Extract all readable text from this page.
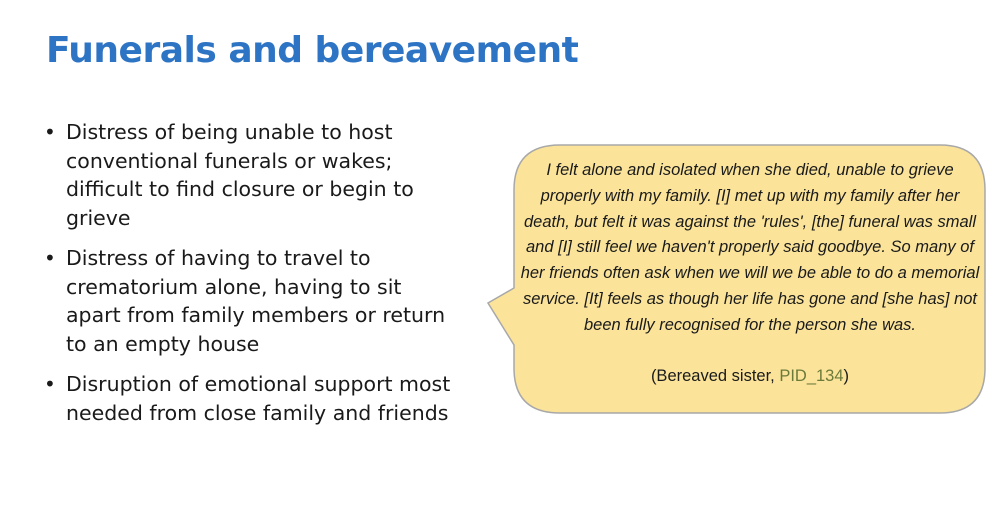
Funerals and bereavement
• Distress of being unable to host conventional funerals or wakes; difficult to find closure or begin to grieve
• Distress of having to travel to crematorium alone, having to sit apart from family members or return to an empty house
• Disruption of emotional support most needed from close family and friends

I felt alone and isolated when she died, unable to grieve properly with my family. [I] met up with my family after her death, but felt it was against the 'rules', [the] funeral was small and [I] still feel we haven't properly said goodbye. So many of her friends often ask when we will we be able to do a memorial service. [It] feels as though her life has gone and [she has] not been fully recognised for the person she was.

(Bereaved sister, PID_134)
